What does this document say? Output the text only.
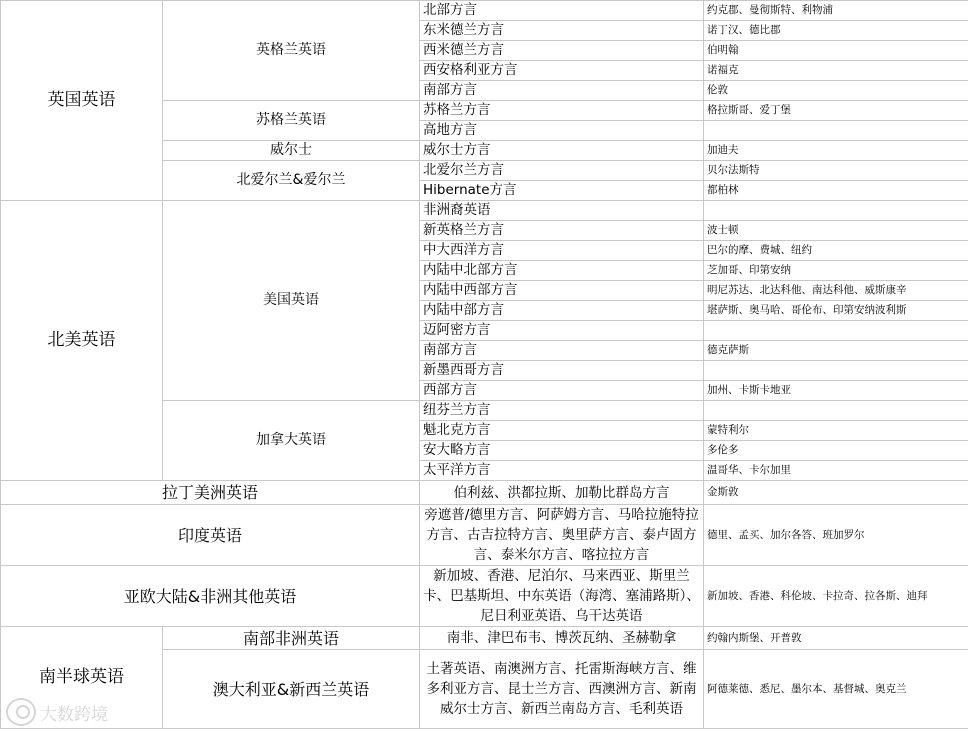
英国英语	英格兰英语	北部方言	约克郡、曼彻斯特、利物浦
		东米德兰方言	诺丁汉、德比郡
		西米德兰方言	伯明翰
		西安格利亚方言	诺福克
		南部方言	伦敦
	苏格兰英语	苏格兰方言	格拉斯哥、爱丁堡
		高地方言	
	威尔士	威尔士方言	加迪夫
	北爱尔兰&爱尔兰	北爱尔兰方言	贝尔法斯特
		Hibernate方言	都柏林
北美英语	美国英语	非洲裔英语	
		新英格兰方言	波士顿
		中大西洋方言	巴尔的摩、费城、纽约
		内陆中北部方言	芝加哥、印第安纳
		内陆中西部方言	明尼苏达、北达科他、南达科他、威斯康辛
		内陆中部方言	堪萨斯、奥马哈、哥伦布、印第安纳波利斯
		迈阿密方言	
		南部方言	德克萨斯
		新墨西哥方言	
		西部方言	加州、卡斯卡地亚
	加拿大英语	纽芬兰方言	
		魁北克方言	蒙特利尔
		安大略方言	多伦多
		太平洋方言	温哥华、卡尔加里
拉丁美洲英语		伯利兹、洪都拉斯、加勒比群岛方言	金斯敦
印度英语		旁遮普/德里方言、阿萨姆方言、马哈拉施特拉方言、古吉拉特方言、奥里萨方言、泰卢固方言、泰米尔方言、喀拉拉方言	德里、孟买、加尔各答、班加罗尔
亚欧大陆&非洲其他英语		新加坡、香港、尼泊尔、马来西亚、斯里兰卡、巴基斯坦、中东英语（海湾、塞浦路斯）、尼日利亚英语、乌干达英语	新加坡、香港、科伦坡、卡拉奇、拉各斯、迪拜
南半球英语	南部非洲英语	南非、津巴布韦、博茨瓦纳、圣赫勒拿	约翰内斯堡、开普敦
	澳大利亚&新西兰英语	土著英语、南澳洲方言、托雷斯海峡方言、维多利亚方言、昆士兰方言、西澳洲方言、新南威尔士方言、新西兰南岛方言、毛利英语	阿德莱德、悉尼、墨尔本、基督城、奥克兰
大数跨境
